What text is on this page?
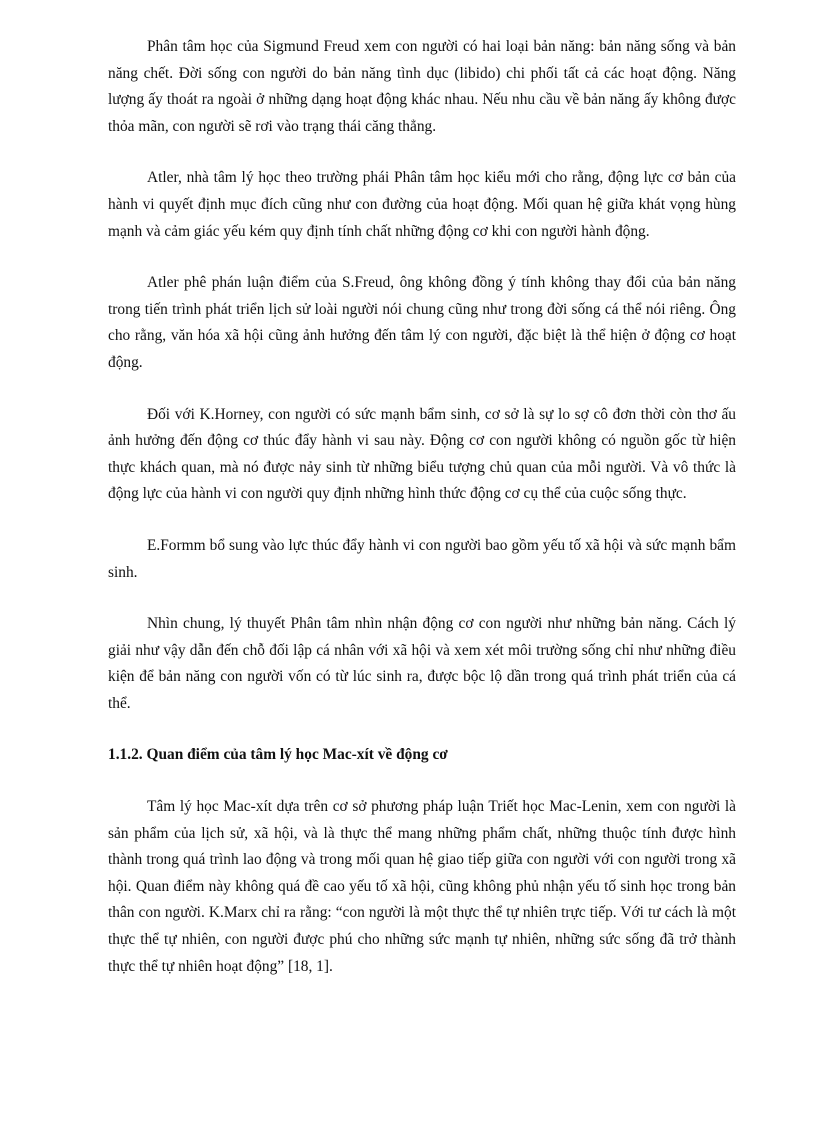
Phân tâm học của Sigmund Freud xem con người có hai loại bản năng: bản năng sống và bản năng chết. Đời sống con người do bản năng tình dục (libido) chi phối tất cả các hoạt động. Năng lượng ấy thoát ra ngoài ở những dạng hoạt động khác nhau. Nếu nhu cầu về bản năng ấy không được thỏa mãn, con người sẽ rơi vào trạng thái căng thẳng.

Atler, nhà tâm lý học theo trường phái Phân tâm học kiểu mới cho rằng, động lực cơ bản của hành vi quyết định mục đích cũng như con đường của hoạt động. Mối quan hệ giữa khát vọng hùng mạnh và cảm giác yếu kém quy định tính chất những động cơ khi con người hành động.

Atler phê phán luận điểm của S.Freud, ông không đồng ý tính không thay đổi của bản năng trong tiến trình phát triển lịch sử loài người nói chung cũng như trong đời sống cá thể nói riêng. Ông cho rằng, văn hóa xã hội cũng ảnh hưởng đến tâm lý con người, đặc biệt là thể hiện ở động cơ hoạt động.

Đối với K.Horney, con người có sức mạnh bẩm sinh, cơ sở là sự lo sợ cô đơn thời còn thơ ấu ảnh hưởng đến động cơ thúc đẩy hành vi sau này. Động cơ con người không có nguồn gốc từ hiện thực khách quan, mà nó được nảy sinh từ những biểu tượng chủ quan của mỗi người. Và vô thức là động lực của hành vi con người quy định những hình thức động cơ cụ thể của cuộc sống thực.

E.Formm bổ sung vào lực thúc đẩy hành vi con người bao gồm yếu tố xã hội và sức mạnh bẩm sinh.

Nhìn chung, lý thuyết Phân tâm nhìn nhận động cơ con người như những bản năng. Cách lý giải như vậy dẫn đến chỗ đối lập cá nhân với xã hội và xem xét môi trường sống chỉ như những điều kiện để bản năng con người vốn có từ lúc sinh ra, được bộc lộ dần trong quá trình phát triển của cá thể.

1.1.2. Quan điểm của tâm lý học Mac-xít về động cơ

Tâm lý học Mac-xít dựa trên cơ sở phương pháp luận Triết học Mac-Lenin, xem con người là sản phẩm của lịch sử, xã hội, và là thực thể mang những phẩm chất, những thuộc tính được hình thành trong quá trình lao động và trong mối quan hệ giao tiếp giữa con người với con người trong xã hội. Quan điểm này không quá đề cao yếu tố xã hội, cũng không phủ nhận yếu tố sinh học trong bản thân con người. K.Marx chỉ ra rằng: “con người là một thực thể tự nhiên trực tiếp. Với tư cách là một thực thể tự nhiên, con người được phú cho những sức mạnh tự nhiên, những sức sống đã trở thành thực thể tự nhiên hoạt động” [18, 1].
